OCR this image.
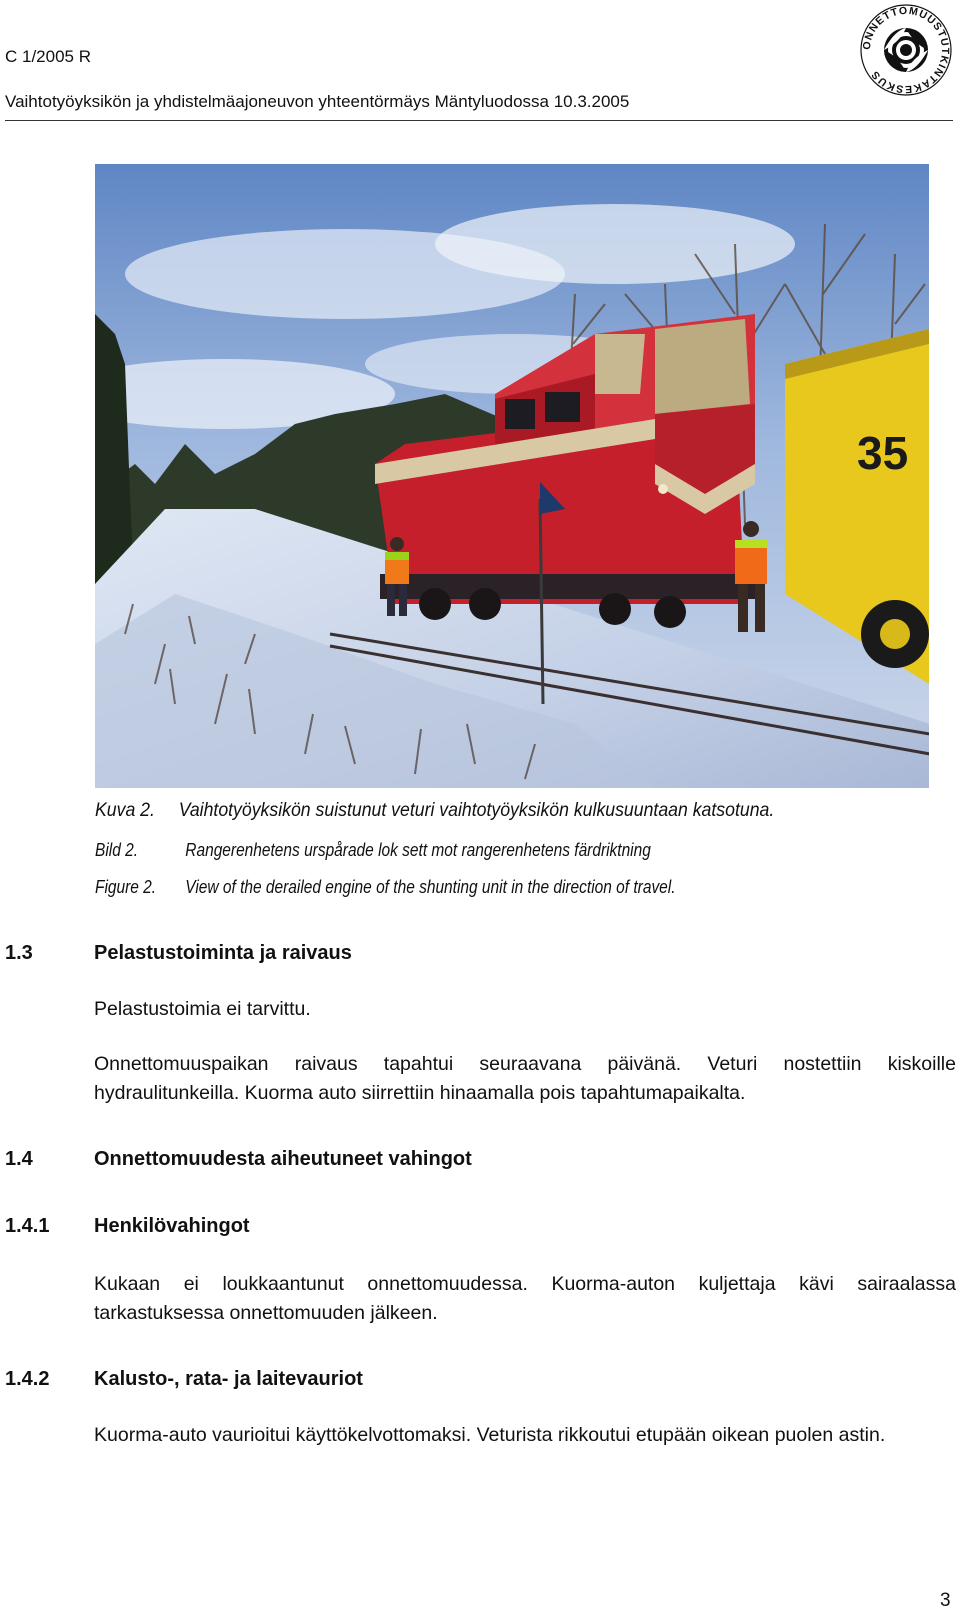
C 1/2005 R
Vaihtotyöyksikön ja yhdistelmäajoneuvon yhteentörmäys Mäntyluodossa 10.3.2005
ONNETTOMUUSTUTKINTAKESKUS
35
Kuva 2. Vaihtotyöyksikön suistunut veturi vaihtotyöyksikön kulkusuuntaan katsotuna.
Bild 2.	Rangerenhetens urspårade lok sett mot rangerenhetens färdriktning
Figure 2. View of the derailed engine of the shunting unit in the direction of travel.
1.3	Pelastustoiminta ja raivaus
Pelastustoimia ei tarvittu.
Onnettomuuspaikan raivaus tapahtui seuraavana päivänä. Veturi nostettiin kiskoille hydraulitunkeilla. Kuorma auto siirrettiin hinaamalla pois tapahtumapaikalta.
1.4	Onnettomuudesta aiheutuneet vahingot
1.4.1 Henkilövahingot
Kukaan ei loukkaantunut onnettomuudessa. Kuorma-auton kuljettaja kävi sairaalassa tarkastuksessa onnettomuuden jälkeen.
1.4.2 Kalusto-, rata- ja laitevauriot
Kuorma-auto vaurioitui käyttökelvottomaksi. Veturista rikkoutui etupään oikean puolen astin.
3
